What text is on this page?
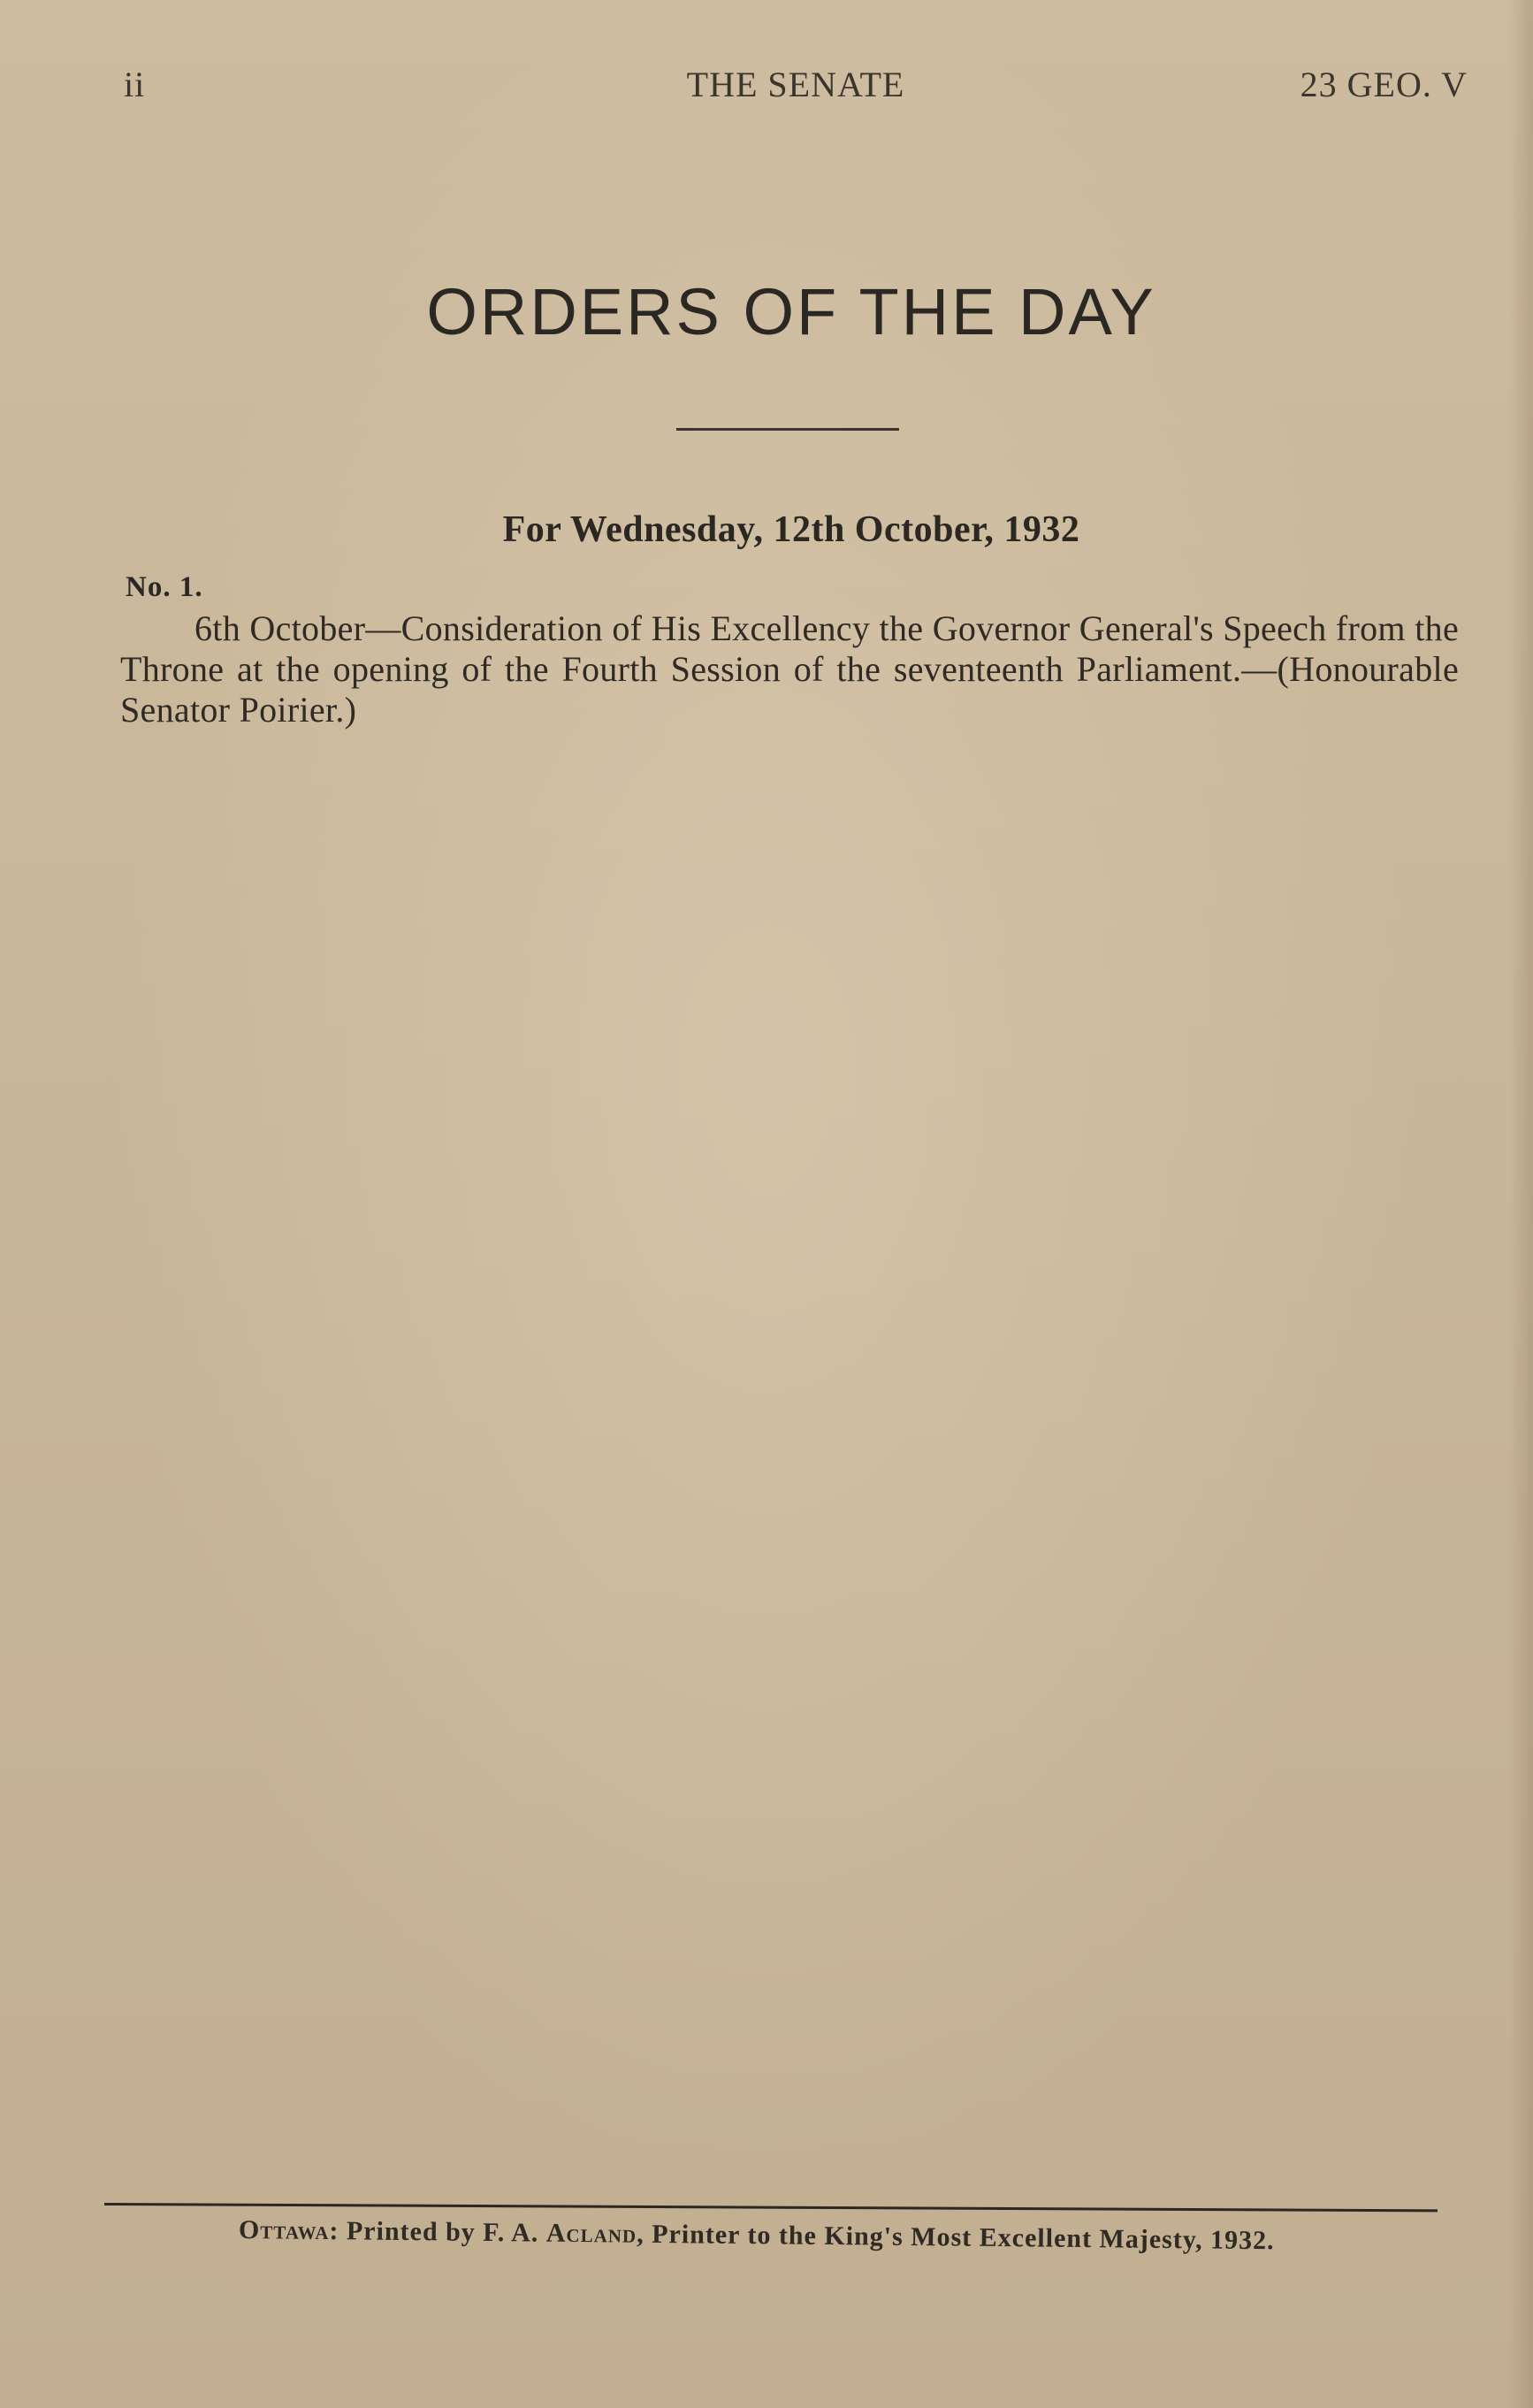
ii	THE SENATE	23 GEO. V
ORDERS OF THE DAY
For Wednesday, 12th October, 1932
No. 1.
6th October—Consideration of His Excellency the Governor General's Speech from the Throne at the opening of the Fourth Session of the seventeenth Parliament.—(Honourable Senator Poirier.)
Ottawa: Printed by F. A. Acland, Printer to the King's Most Excellent Majesty, 1932.
